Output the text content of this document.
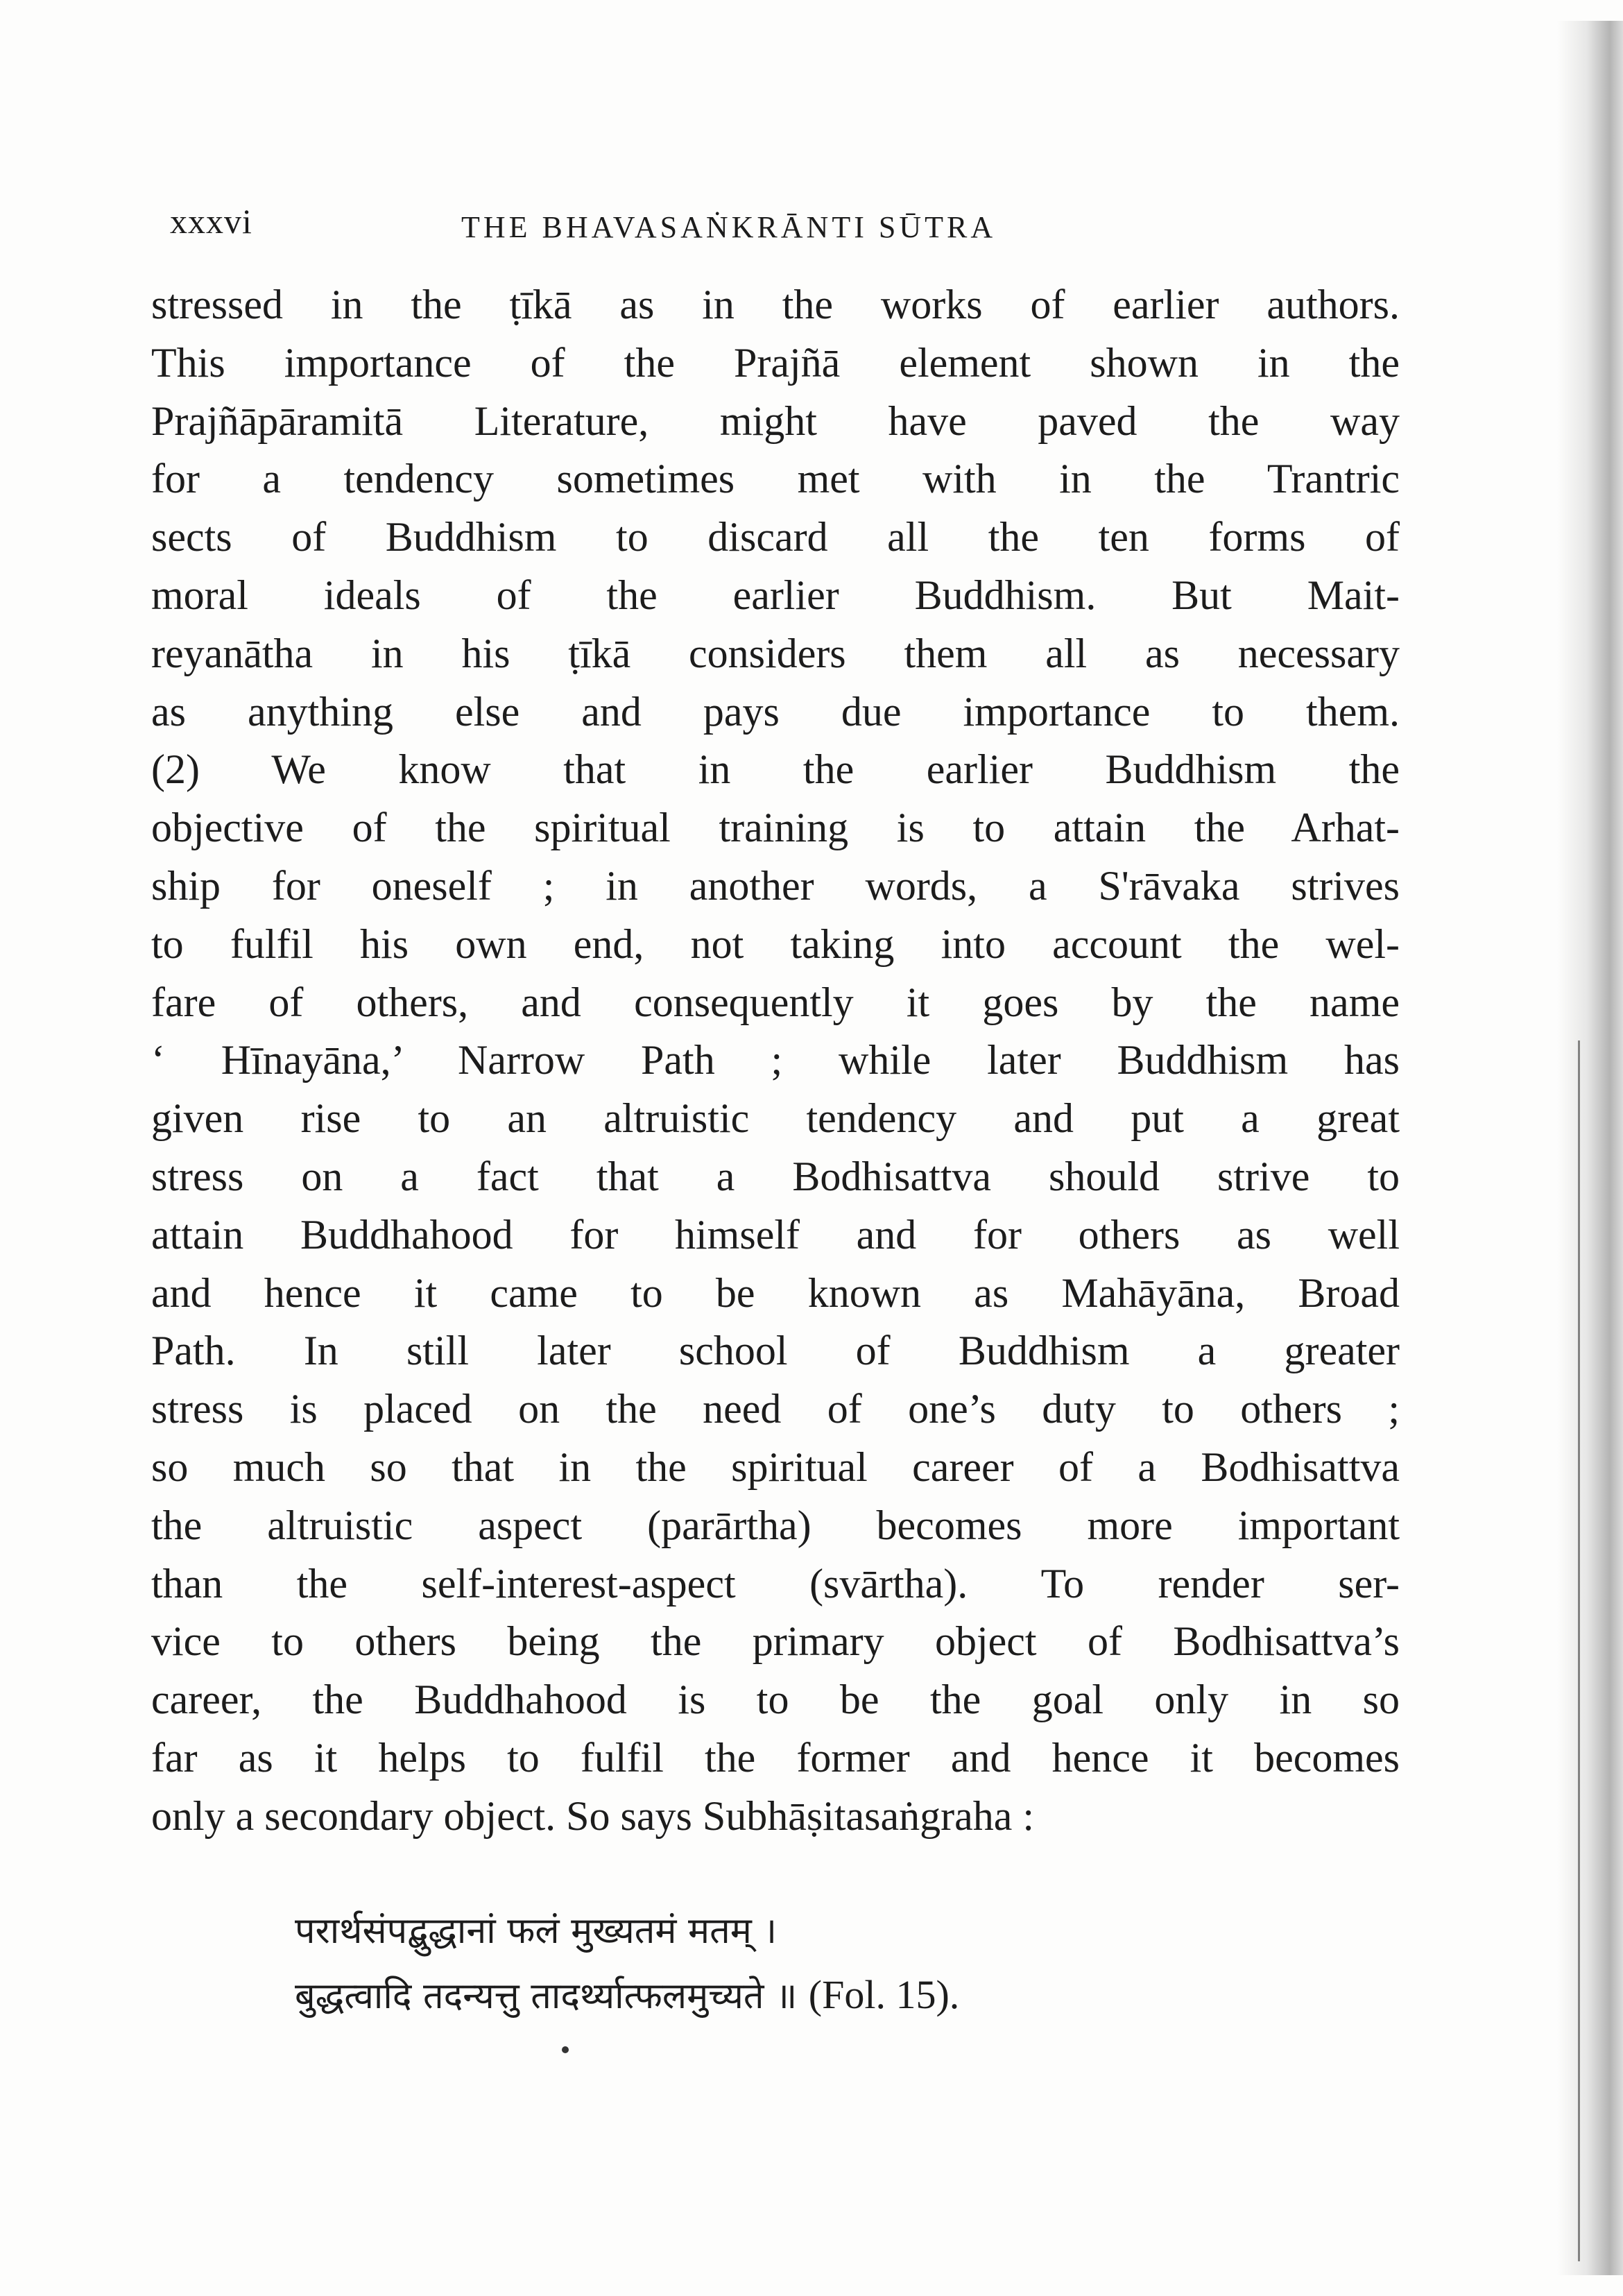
xxxvi	THE BHAVASAṄKRĀNTI SŪTRA
stressed in the ṭīkā as in the works of earlier authors.
This importance of the Prajñā element shown in the
Prajñāpāramitā Literature, might have paved the way
for a tendency sometimes met with in the Trantric
sects of Buddhism to discard all the ten forms of
moral ideals of the earlier Buddhism. But Mait-
reyanātha in his ṭīkā considers them all as necessary
as anything else and pays due importance to them.
(2) We know that in the earlier Buddhism the
objective of the spiritual training is to attain the Arhat-
ship for oneself ; in another words, a S'rāvaka strives
to fulfil his own end, not taking into account the wel-
fare of others, and consequently it goes by the name
‘ Hīnayāna,’ Narrow Path ; while later Buddhism has
given rise to an altruistic tendency and put a great
stress on a fact that a Bodhisattva should strive to
attain Buddhahood for himself and for others as well
and hence it came to be known as Mahāyāna, Broad
Path. In still later school of Buddhism a greater
stress is placed on the need of one’s duty to others ;
so much so that in the spiritual career of a Bodhisattva
the altruistic aspect (parārtha) becomes more important
than the self-interest-aspect (svārtha). To render ser-
vice to others being the primary object of Bodhisattva’s
career, the Buddhahood is to be the goal only in so
far as it helps to fulfil the former and hence it becomes
only a secondary object. So says Subhāṣitasaṅgraha :
परार्थसंपद्बुद्धानां फलं मुख्यतमं मतम् ।
बुद्धत्वादि तदन्यत्तु तादर्थ्यात्फलमुच्यते ॥ (Fol. 15).
